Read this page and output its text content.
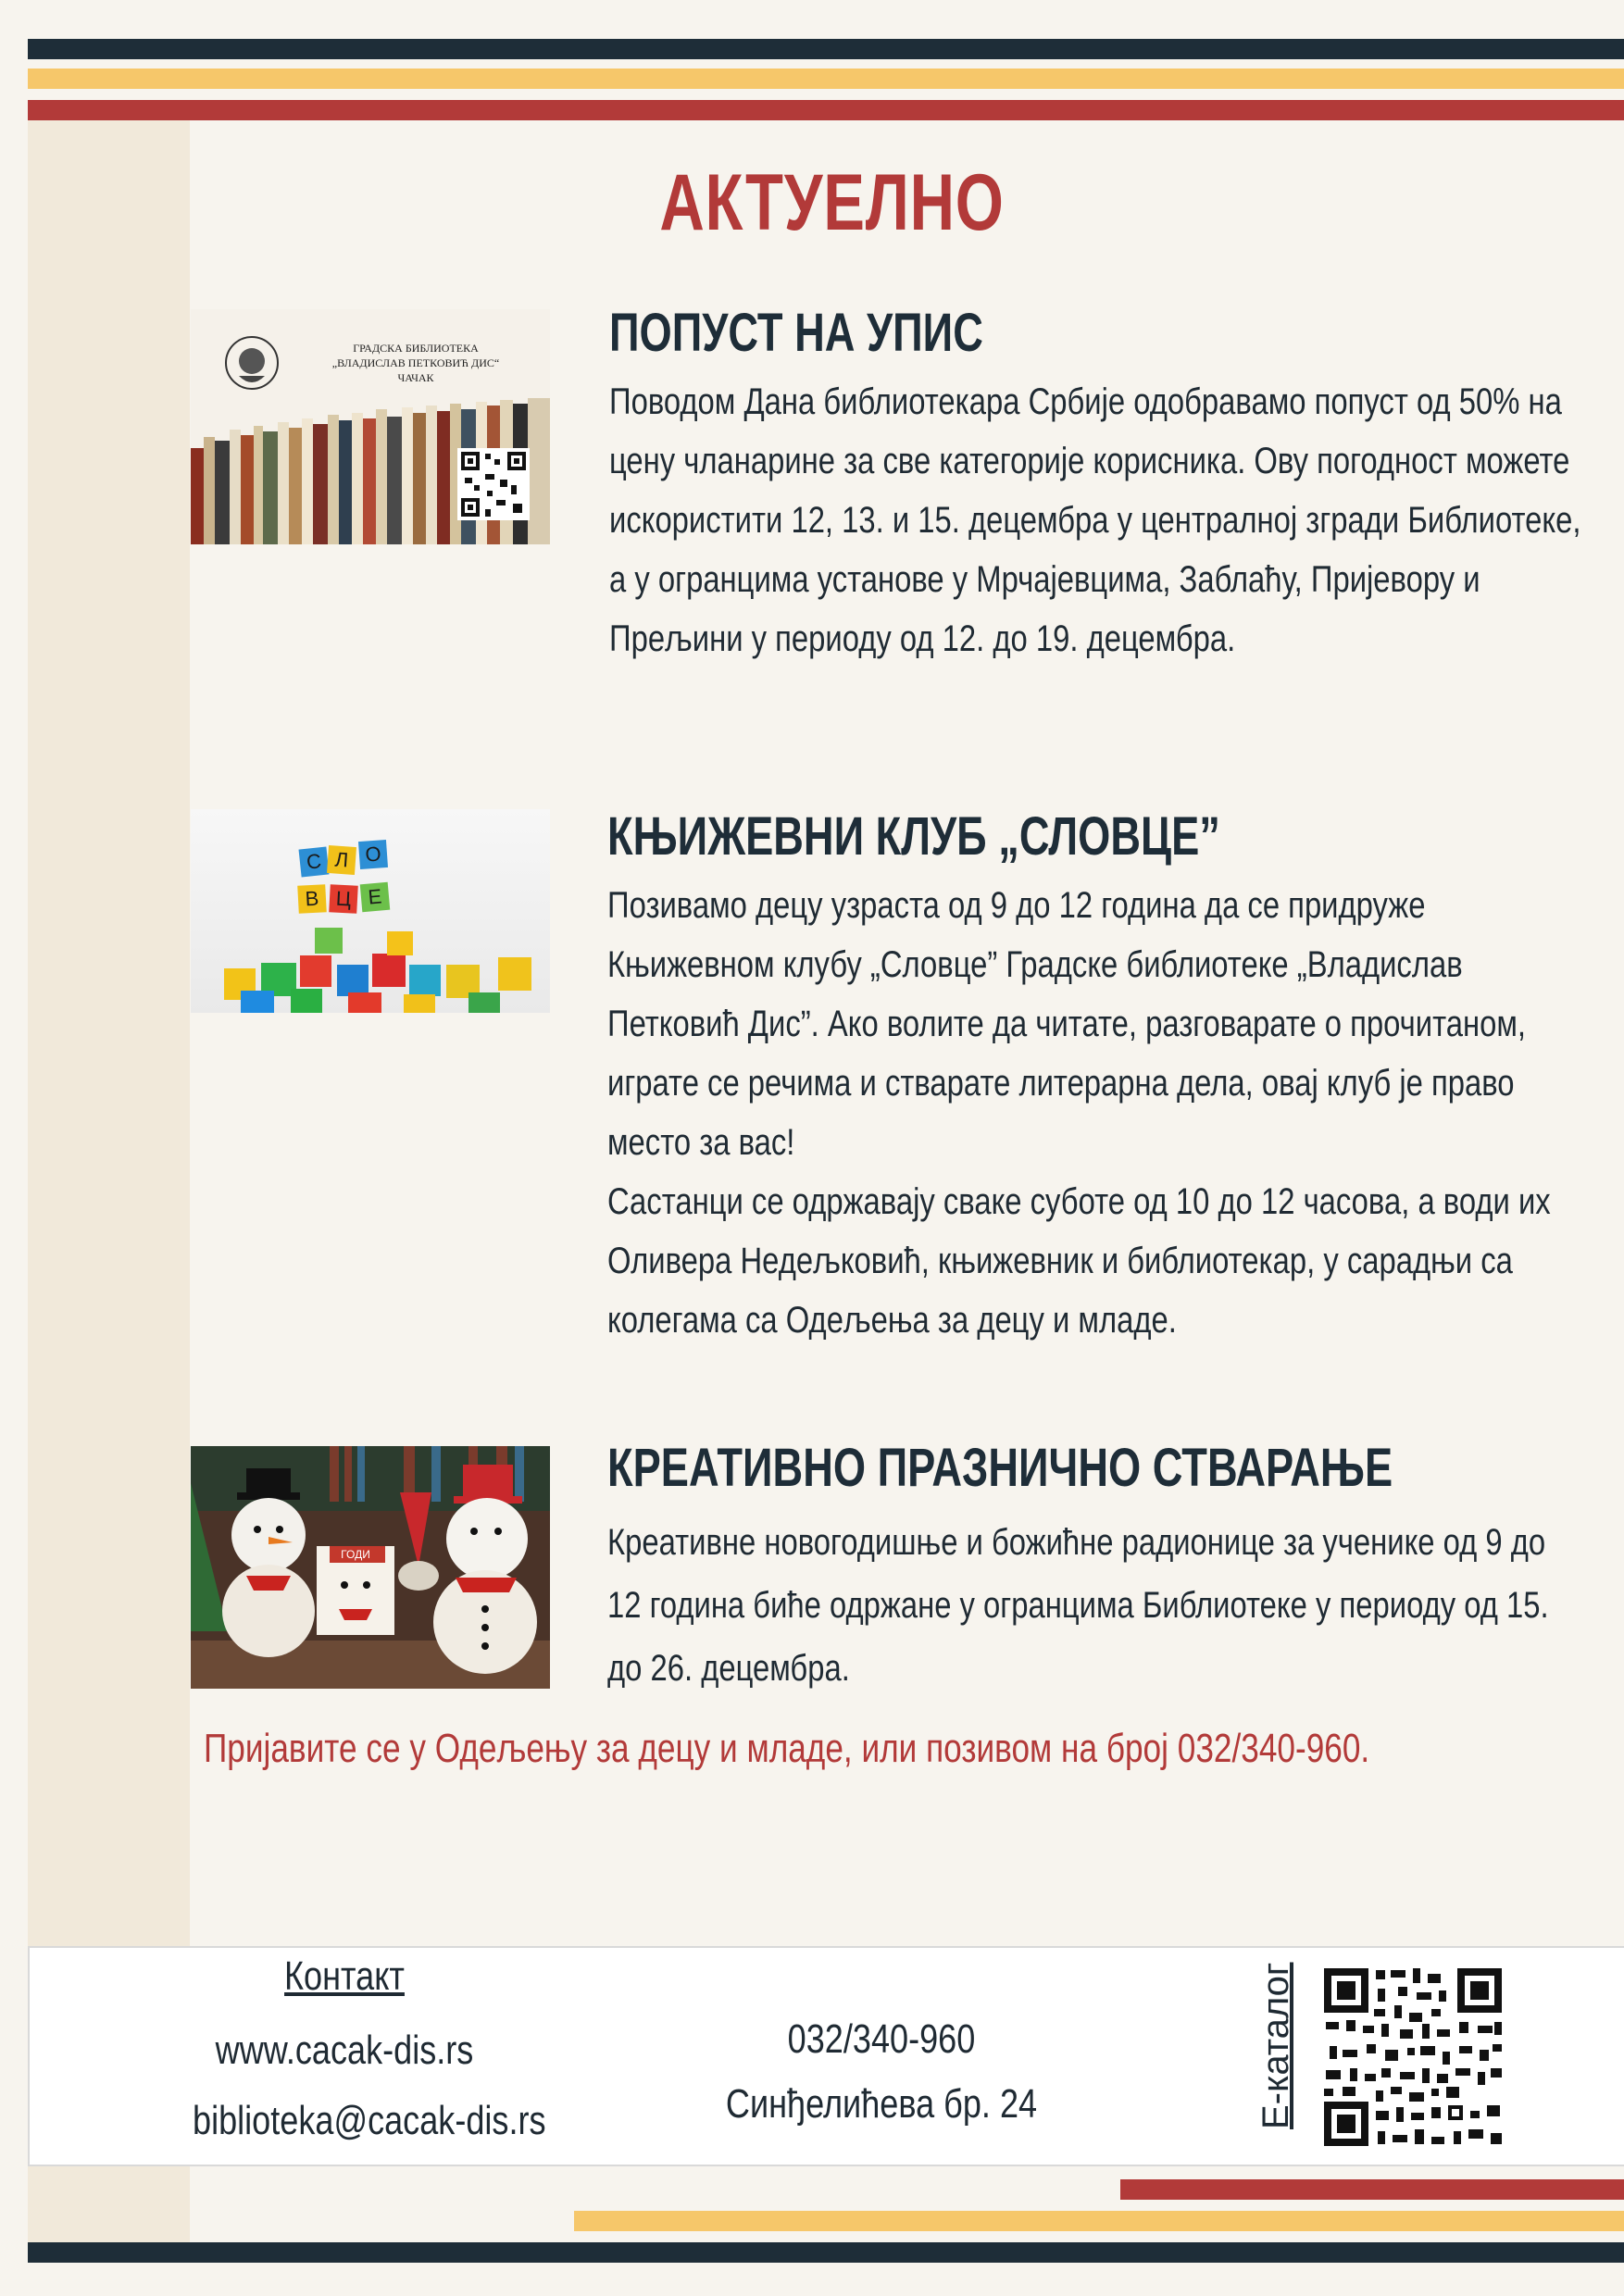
АКТУЕЛНО
ГРАДСКА БИБЛИОТЕКА
„ВЛАДИСЛАВ ПЕТКОВИЋ ДИС“
ЧАЧАК
ПОПУСТ НА УПИС

Поводом Дана библиотекара Србије одобравамо попуст од 50% на

цену чланарине за све категорије корисника. Ову погодност можете

искористити 12, 13. и 15. децембра у централној згради Библиотеке,

а у огранцима установе у Мрчајевцима, Заблаћу, Пријевору и

Прељини у периоду од 12. до 19. децембра.

С Л О
В Ц Е
КЊИЖЕВНИ КЛУБ „СЛОВЦЕ”

Позивамо децу узраста од 9 до 12 година да се придруже

Књижевном клубу „Словце” Градске библиотеке „Владислав

Петковић Дис”. Ако волите да читате, разговарате о прочитаном,

играте се речима и стварате литерарна дела, овај клуб је право

место за вас!

Састанци се одржавају сваке суботе од 10 до 12 часова, а води их

Оливера Недељковић, књижевник и библиотекар, у сарадњи са

колегама са Одељења за децу и младе.

ГОДИ
КРЕАТИВНО ПРАЗНИЧНО СТВАРАЊЕ

Креативне новогодишње и божићне радионице за ученике од 9 до

12 година биће одржане у огранцима Библиотеке у периоду од 15.

до 26. децембра.

Пријавите се у Одељењу за децу и младе, или позивом на број 032/340-960.
Контакт
www.cacak-dis.rs
biblioteka@cacak-dis.rs
032/340-960
Синђелићева бр. 24	Е-каталог
